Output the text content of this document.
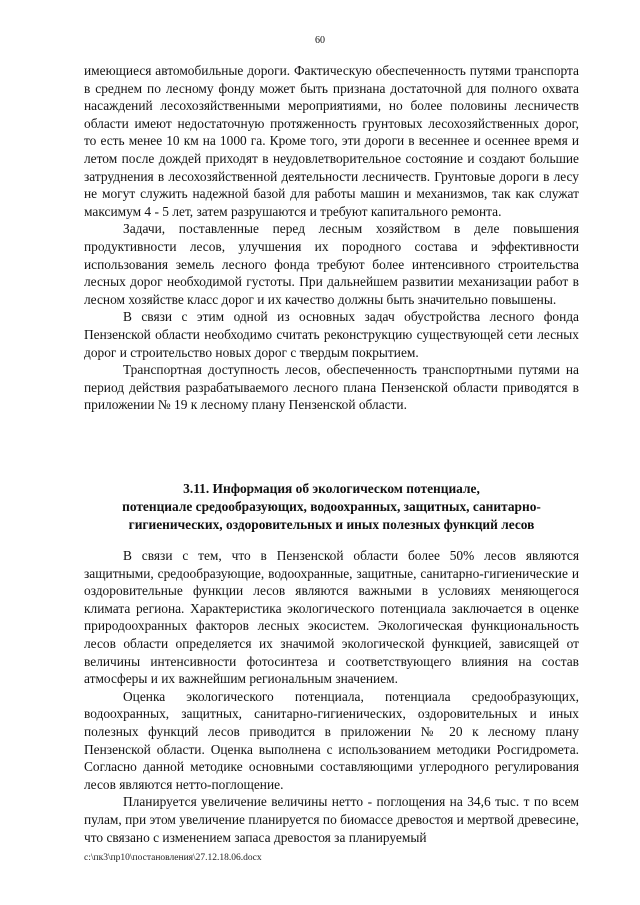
60

имеющиеся автомобильные дороги. Фактическую обеспеченность путями транспорта в среднем по лесному фонду может быть признана достаточной для полного охвата насаждений лесохозяйственными мероприятиями, но более половины лесничеств области имеют недостаточную протяженность грунтовых лесохозяйственных дорог, то есть менее 10 км на 1000 га. Кроме того, эти дороги в весеннее и осеннее время и летом после дождей приходят в неудовлетворительное состояние и создают большие затруднения в лесохозяйственной деятельности лесничеств. Грунтовые дороги в лесу не могут служить надежной базой для работы машин и механизмов, так как служат максимум 4 - 5 лет, затем разрушаются и требуют капитального ремонта.

Задачи, поставленные перед лесным хозяйством в деле повышения продуктивности лесов, улучшения их породного состава и эффективности использования земель лесного фонда требуют более интенсивного строительства лесных дорог необходимой густоты. При дальнейшем развитии механизации работ в лесном хозяйстве класс дорог и их качество должны быть значительно повышены.

В связи с этим одной из основных задач обустройства лесного фонда Пензенской области необходимо считать реконструкцию существующей сети лесных дорог и строительство новых дорог с твердым покрытием.

Транспортная доступность лесов, обеспеченность транспортными путями на период действия разрабатываемого лесного плана Пензенской области приводятся в приложении № 19 к лесному плану Пензенской области.

3.11. Информация об экологическом потенциале,
потенциале средообразующих, водоохранных, защитных, санитарно-
гигиенических, оздоровительных и иных полезных функций лесов

В связи с тем, что в Пензенской области более 50% лесов являются защитными, средообразующие, водоохранные, защитные, санитарно-гигиенические и оздоровительные функции лесов являются важными в условиях меняющегося климата региона. Характеристика экологического потенциала заключается в оценке природоохранных факторов лесных экосистем. Экологическая функциональность лесов области определяется их значимой экологической функцией, зависящей от величины интенсивности фотосинтеза и соответствующего влияния на состав атмосферы и их важнейшим региональным значением.

Оценка экологического потенциала, потенциала средообразующих, водоохранных, защитных, санитарно-гигиенических, оздоровительных и иных полезных функций лесов приводится в приложении № 20 к лесному плану Пензенской области. Оценка выполнена с использованием методики Росгидромета. Согласно данной методике основными составляющими углеродного регулирования лесов являются нетто-поглощение.

Планируется увеличение величины нетто - поглощения на 34,6 тыс. т по всем пулам, при этом увеличение планируется по биомассе древостоя и мертвой древесине, что связано с изменением запаса древостоя за планируемый

c:\пк3\пр10\постановления\27.12.18.06.docx
